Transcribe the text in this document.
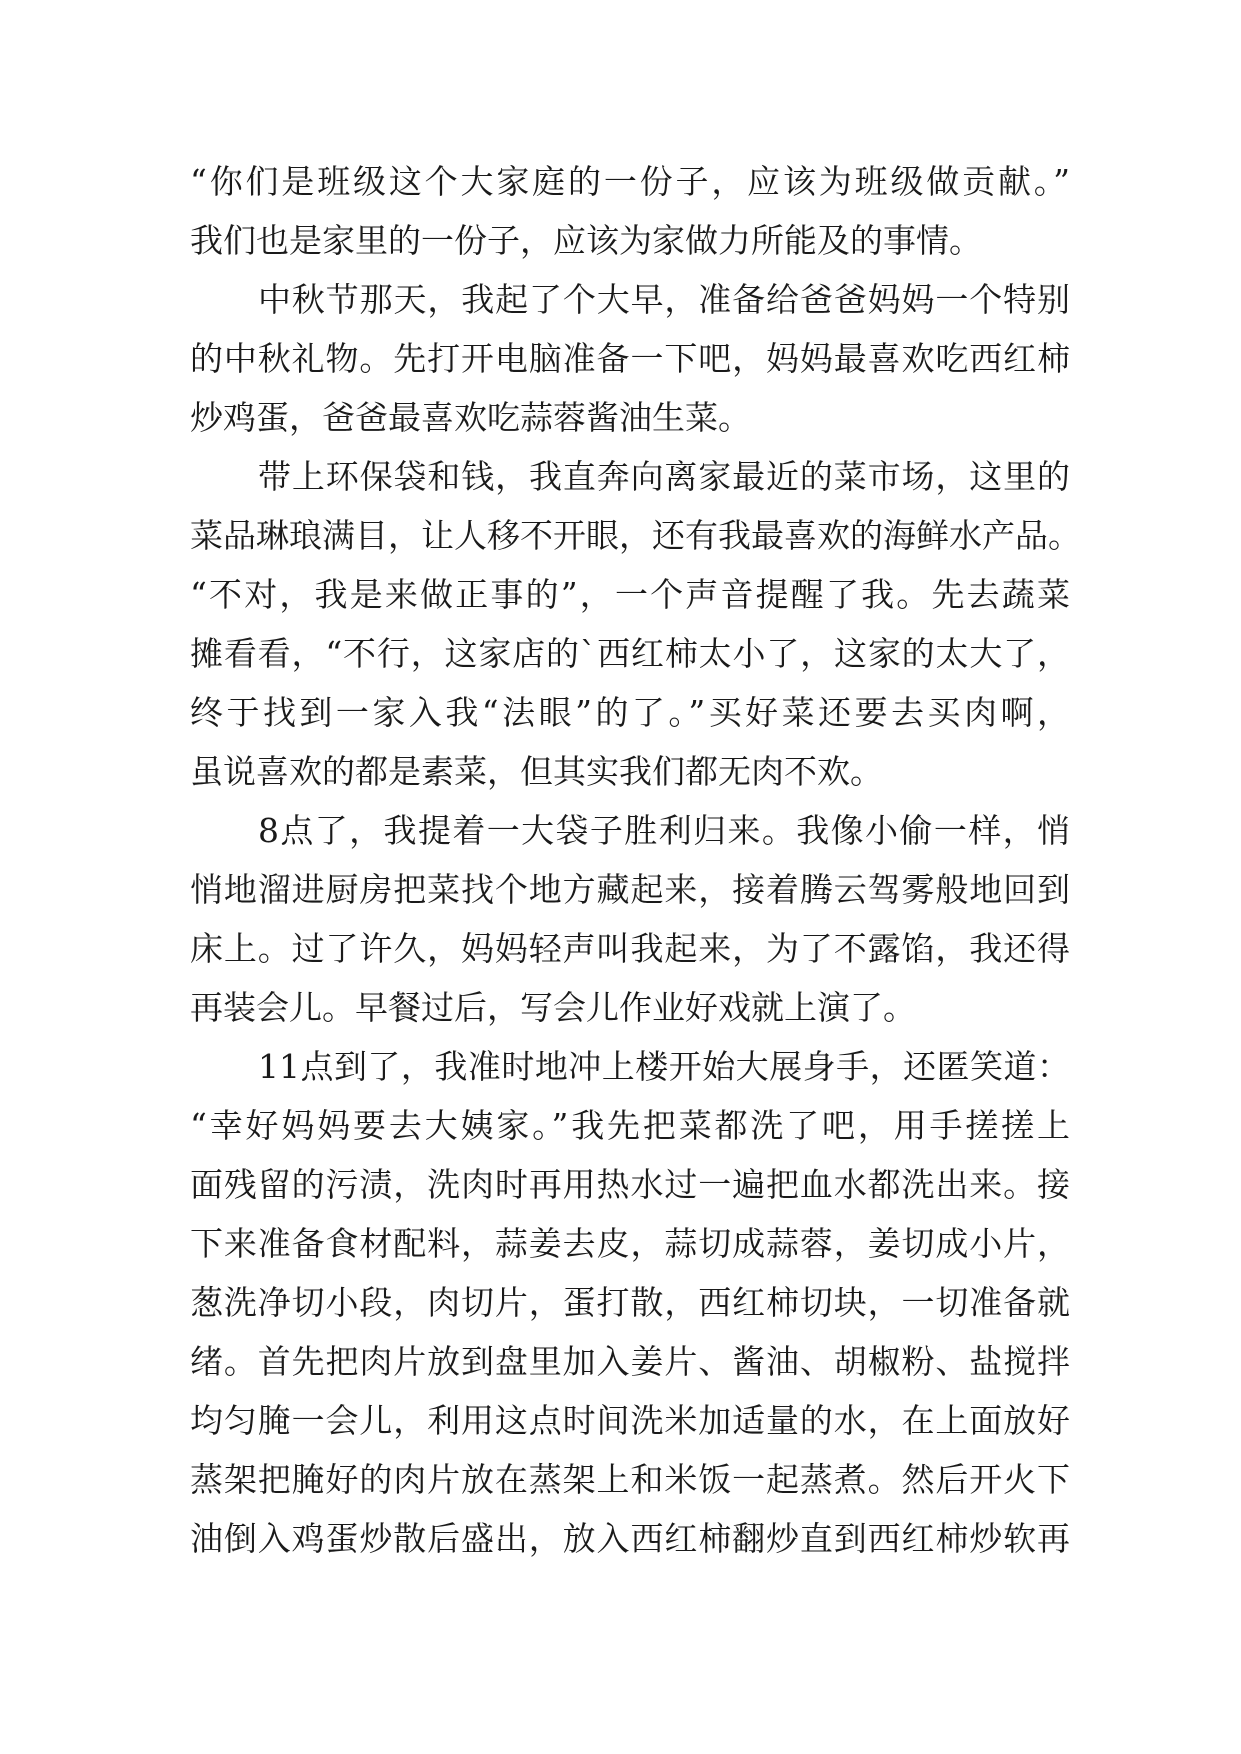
“你们是班级这个大家庭的一份子，应该为班级做贡献。”
我们也是家里的一份子，应该为家做力所能及的事情。
中秋节那天，我起了个大早，准备给爸爸妈妈一个特别
的中秋礼物。先打开电脑准备一下吧，妈妈最喜欢吃西红柿
炒鸡蛋，爸爸最喜欢吃蒜蓉酱油生菜。
带上环保袋和钱，我直奔向离家最近的菜市场，这里的
菜品琳琅满目，让人移不开眼，还有我最喜欢的海鲜水产品。
“不对，我是来做正事的”，一个声音提醒了我。先去蔬菜
摊看看，“不行，这家店的`西红柿太小了，这家的太大了，
终于找到一家入我“法眼”的了。”买好菜还要去买肉啊，
虽说喜欢的都是素菜，但其实我们都无肉不欢。
8点了，我提着一大袋子胜利归来。我像小偷一样，悄
悄地溜进厨房把菜找个地方藏起来，接着腾云驾雾般地回到
床上。过了许久，妈妈轻声叫我起来，为了不露馅，我还得
再装会儿。早餐过后，写会儿作业好戏就上演了。
11点到了，我准时地冲上楼开始大展身手，还匿笑道：
“幸好妈妈要去大姨家。”我先把菜都洗了吧，用手搓搓上
面残留的污渍，洗肉时再用热水过一遍把血水都洗出来。接
下来准备食材配料，蒜姜去皮，蒜切成蒜蓉，姜切成小片，
葱洗净切小段，肉切片，蛋打散，西红柿切块，一切准备就
绪。首先把肉片放到盘里加入姜片、酱油、胡椒粉、盐搅拌
均匀腌一会儿，利用这点时间洗米加适量的水，在上面放好
蒸架把腌好的肉片放在蒸架上和米饭一起蒸煮。然后开火下
油倒入鸡蛋炒散后盛出，放入西红柿翻炒直到西红柿炒软再
